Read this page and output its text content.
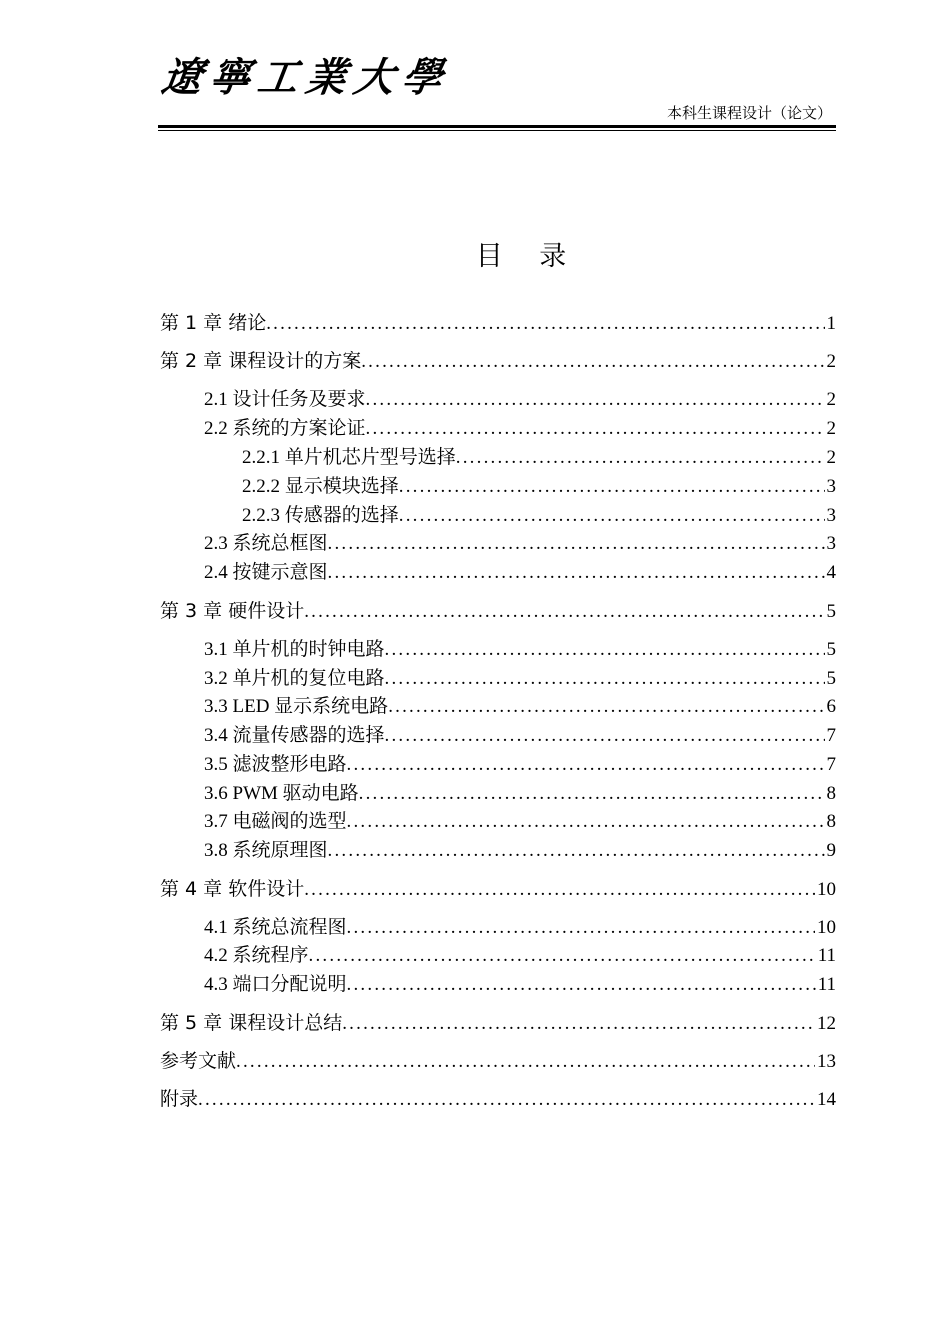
遼寧工業大學
本科生课程设计（论文）
目 录
第 1 章 绪论 .....	1
第 2 章 课程设计的方案 .....	2
2.1 设计任务及要求 .....	2
2.2 系统的方案论证 .....	2
2.2.1 单片机芯片型号选择 .....	2
2.2.2 显示模块选择 .....	3
2.2.3 传感器的选择 .....	3
2.3 系统总框图 .....	3
2.4 按键示意图 .....	4
第 3 章 硬件设计 .....	5
3.1 单片机的时钟电路 .....	5
3.2 单片机的复位电路 .....	5
3.3 LED 显示系统电路 .....	6
3.4 流量传感器的选择 .....	7
3.5 滤波整形电路 .....	7
3.6 PWM 驱动电路 .....	8
3.7 电磁阀的选型 .....	8
3.8 系统原理图 .....	9
第 4 章 软件设计 .....	10
4.1 系统总流程图 .....	10
4.2 系统程序 .....	11
4.3 端口分配说明 .....	11
第 5 章 课程设计总结 .....	12
参考文献 .....	13
附录 .....	14
